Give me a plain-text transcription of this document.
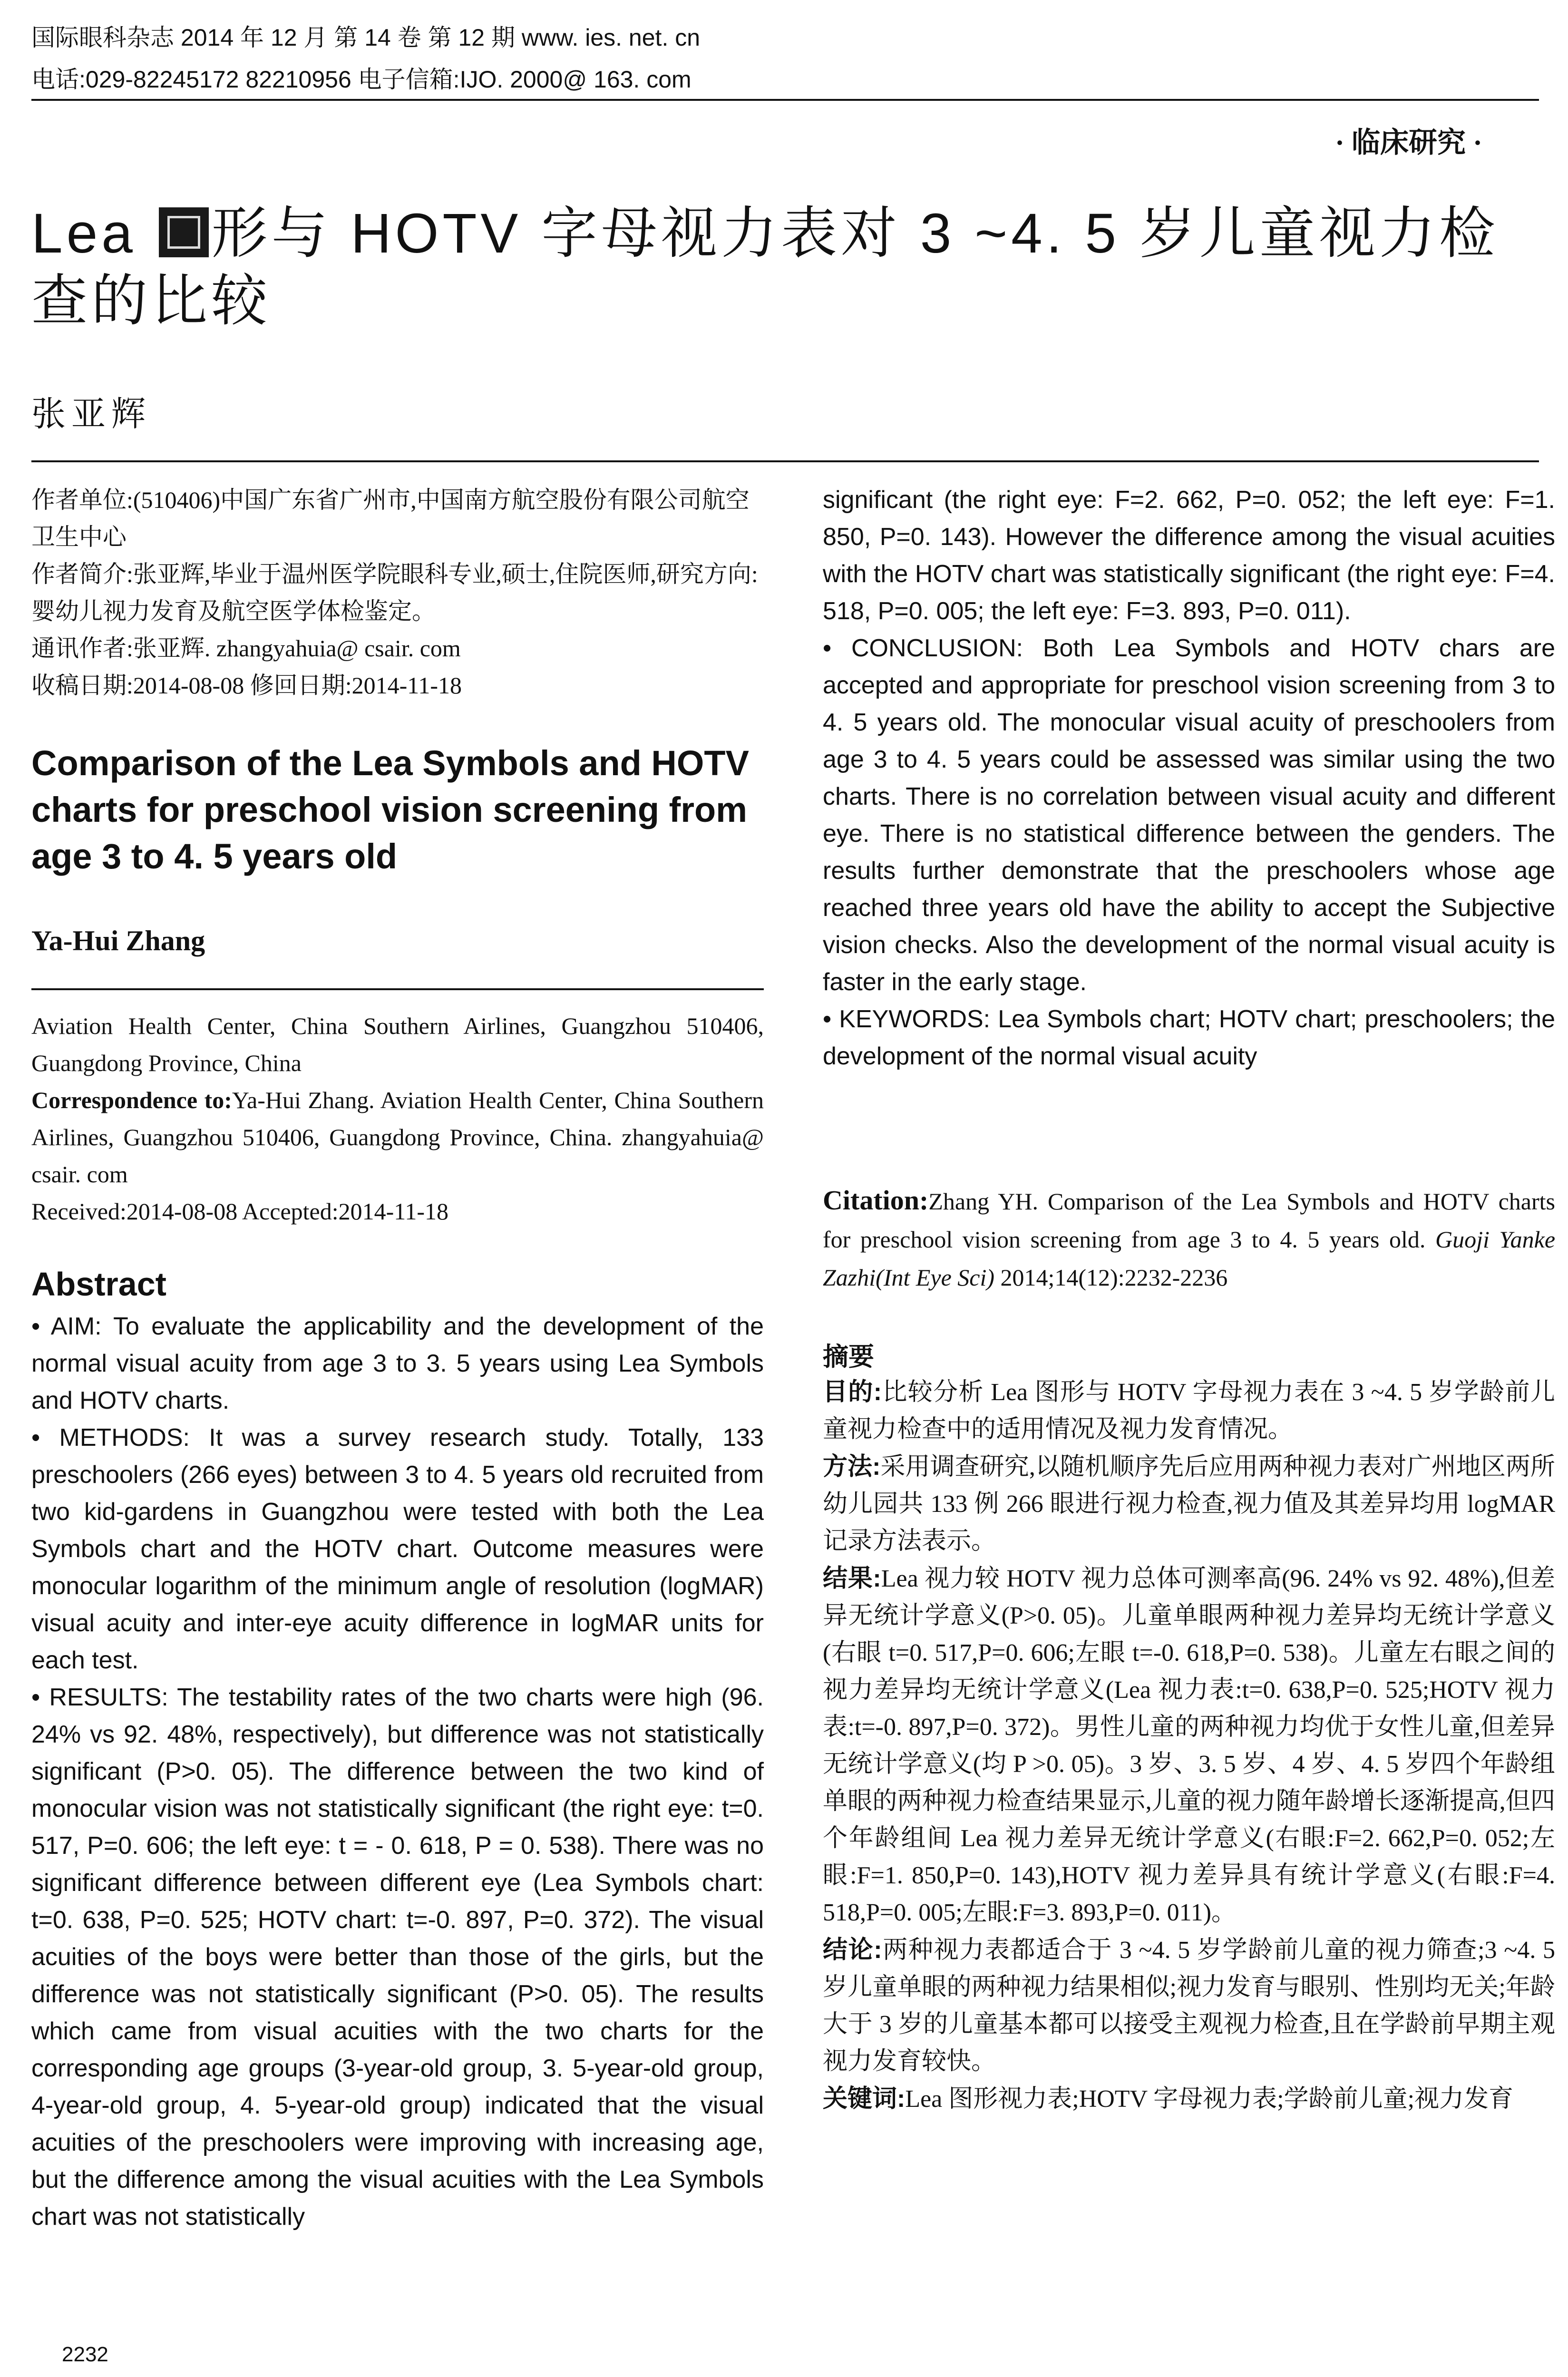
国际眼科杂志 2014 年 12 月 第 14 卷 第 12 期 www. ies. net. cn
电话:029-82245172 82210956 电子信箱:IJO. 2000@ 163. com
· 临床研究 ·
Lea 形与 HOTV 字母视力表对 3 ~4. 5 岁儿童视力检
查的比较
张亚辉

作者单位:(510406)中国广东省广州市,中国南方航空股份有限公司航空卫生中心

作者简介:张亚辉,毕业于温州医学院眼科专业,硕士,住院医师,研究方向:婴幼儿视力发育及航空医学体检鉴定。

通讯作者:张亚辉. zhangyahuia@ csair. com

收稿日期:2014-08-08 修回日期:2014-11-18

Comparison of the Lea Symbols and HOTV charts for preschool vision screening from age 3 to 4. 5 years old
Ya-Hui Zhang
Aviation Health Center, China Southern Airlines, Guangzhou 510406, Guangdong Province, China
Correspondence to:Ya-Hui Zhang. Aviation Health Center, China Southern Airlines, Guangzhou 510406, Guangdong Province, China. zhangyahuia@ csair. com
Received:2014-08-08 Accepted:2014-11-18
Abstract

• AIM: To evaluate the applicability and the development of the normal visual acuity from age 3 to 3. 5 years using Lea Symbols and HOTV charts.

• METHODS: It was a survey research study. Totally, 133 preschoolers (266 eyes) between 3 to 4. 5 years old recruited from two kid-gardens in Guangzhou were tested with both the Lea Symbols chart and the HOTV chart. Outcome measures were monocular logarithm of the minimum angle of resolution (logMAR) visual acuity and inter-eye acuity difference in logMAR units for each test.

• RESULTS: The testability rates of the two charts were high (96. 24% vs 92. 48%, respectively), but difference was not statistically significant (P>0. 05). The difference between the two kind of monocular vision was not statistically significant (the right eye: t=0. 517, P=0. 606; the left eye: t = - 0. 618, P = 0. 538). There was no significant difference between different eye (Lea Symbols chart: t=0. 638, P=0. 525; HOTV chart: t=-0. 897, P=0. 372). The visual acuities of the boys were better than those of the girls, but the difference was not statistically significant (P>0. 05). The results which came from visual acuities with the two charts for the corresponding age groups (3-year-old group, 3. 5-year-old group, 4-year-old group, 4. 5-year-old group) indicated that the visual acuities of the preschoolers were improving with increasing age, but the difference among the visual acuities with the Lea Symbols chart was not statistically

2232

significant (the right eye: F=2. 662, P=0. 052; the left eye: F=1. 850, P=0. 143). However the difference among the visual acuities with the HOTV chart was statistically significant (the right eye: F=4. 518, P=0. 005; the left eye: F=3. 893, P=0. 011).

• CONCLUSION: Both Lea Symbols and HOTV chars are accepted and appropriate for preschool vision screening from 3 to 4. 5 years old. The monocular visual acuity of preschoolers from age 3 to 4. 5 years could be assessed was similar using the two charts. There is no correlation between visual acuity and different eye. There is no statistical difference between the genders. The results further demonstrate that the preschoolers whose age reached three years old have the ability to accept the Subjective vision checks. Also the development of the normal visual acuity is faster in the early stage.

• KEYWORDS: Lea Symbols chart; HOTV chart; preschoolers; the development of the normal visual acuity

Citation:Zhang YH. Comparison of the Lea Symbols and HOTV charts for preschool vision screening from age 3 to 4. 5 years old. Guoji Yanke Zazhi(Int Eye Sci) 2014;14(12):2232-2236
摘要

目的:比较分析 Lea 图形与 HOTV 字母视力表在 3 ~4. 5 岁学龄前儿童视力检查中的适用情况及视力发育情况。

方法:采用调查研究,以随机顺序先后应用两种视力表对广州地区两所幼儿园共 133 例 266 眼进行视力检查,视力值及其差异均用 logMAR 记录方法表示。

结果:Lea 视力较 HOTV 视力总体可测率高(96. 24% vs 92. 48%),但差异无统计学意义(P>0. 05)。儿童单眼两种视力差异均无统计学意义(右眼 t=0. 517,P=0. 606;左眼 t=-0. 618,P=0. 538)。儿童左右眼之间的视力差异均无统计学意义(Lea 视力表:t=0. 638,P=0. 525;HOTV 视力表:t=-0. 897,P=0. 372)。男性儿童的两种视力均优于女性儿童,但差异无统计学意义(均 P >0. 05)。3 岁、3. 5 岁、4 岁、4. 5 岁四个年龄组单眼的两种视力检查结果显示,儿童的视力随年龄增长逐渐提高,但四个年龄组间 Lea 视力差异无统计学意义(右眼:F=2. 662,P=0. 052;左眼:F=1. 850,P=0. 143),HOTV 视力差异具有统计学意义(右眼:F=4. 518,P=0. 005;左眼:F=3. 893,P=0. 011)。

结论:两种视力表都适合于 3 ~4. 5 岁学龄前儿童的视力筛查;3 ~4. 5 岁儿童单眼的两种视力结果相似;视力发育与眼别、性别均无关;年龄大于 3 岁的儿童基本都可以接受主观视力检查,且在学龄前早期主观视力发育较快。

关键词:Lea 图形视力表;HOTV 字母视力表;学龄前儿童;视力发育
